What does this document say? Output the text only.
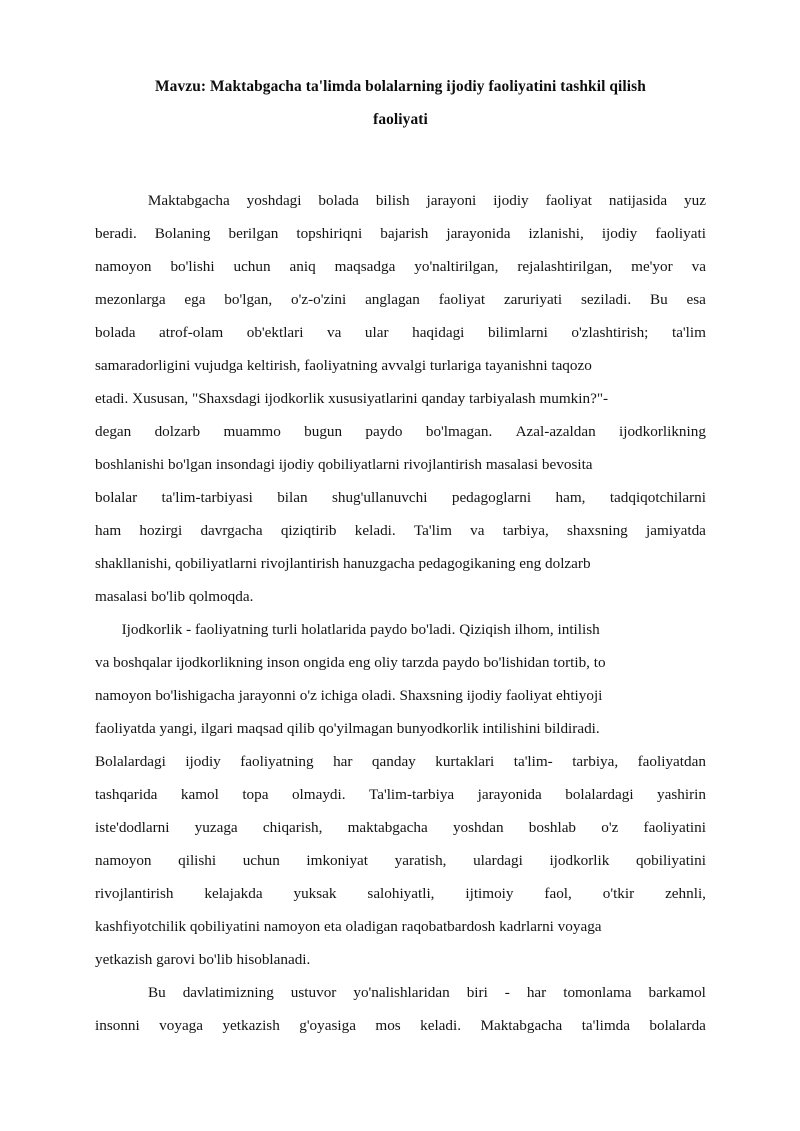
Mavzu: Maktabgacha ta'limda bolalarning ijodiy faoliyatini tashkil qilish
faoliyati

Maktabgacha yoshdagi bolada bilish jarayoni ijodiy faoliyat natijasida yuz
beradi. Bolaning berilgan topshiriqni bajarish jarayonida izlanishi, ijodiy faoliyati
namoyon bo'lishi uchun aniq maqsadga yo'naltirilgan, rejalashtirilgan, me'yor va
mezonlarga ega bo'lgan, o'z-o'zini anglagan faoliyat zaruriyati seziladi. Bu esa
bolada atrof-olam ob'ektlari va ular haqidagi bilimlarni o'zlashtirish; ta'lim
samaradorligini vujudga keltirish, faoliyatning avvalgi turlariga tayanishni taqozo
etadi. Xususan, "Shaxsdagi ijodkorlik xususiyatlarini qanday tarbiyalash mumkin?"-
degan dolzarb muammo bugun paydo bo'lmagan. Azal-azaldan ijodkorlikning
boshlanishi bo'lgan insondagi ijodiy qobiliyatlarni rivojlantirish masalasi bevosita
bolalar ta'lim-tarbiyasi bilan shug'ullanuvchi pedagoglarni ham, tadqiqotchilarni
ham hozirgi davrgacha qiziqtirib keladi. Ta'lim va tarbiya, shaxsning jamiyatda
shakllanishi, qobiliyatlarni rivojlantirish hanuzgacha pedagogikaning eng dolzarb
masalasi bo'lib qolmoqda.

Ijodkorlik - faoliyatning turli holatlarida paydo bo'ladi. Qiziqish ilhom, intilish
va boshqalar ijodkorlikning inson ongida eng oliy tarzda paydo bo'lishidan tortib, to
namoyon bo'lishigacha jarayonni o'z ichiga oladi. Shaxsning ijodiy faoliyat ehtiyoji
faoliyatda yangi, ilgari maqsad qilib qo'yilmagan bunyodkorlik intilishini bildiradi.
Bolalardagi ijodiy faoliyatning har qanday kurtaklari ta'lim- tarbiya, faoliyatdan
tashqarida kamol topa olmaydi. Ta'lim-tarbiya jarayonida bolalardagi yashirin
iste'dodlarni yuzaga chiqarish, maktabgacha yoshdan boshlab o'z faoliyatini
namoyon qilishi uchun imkoniyat yaratish, ulardagi ijodkorlik qobiliyatini
rivojlantirish kelajakda yuksak salohiyatli, ijtimoiy faol, o'tkir zehnli,
kashfiyotchilik qobiliyatini namoyon eta oladigan raqobatbardosh kadrlarni voyaga
yetkazish garovi bo'lib hisoblanadi.

Bu davlatimizning ustuvor yo'nalishlaridan biri - har tomonlama barkamol
insonni voyaga yetkazish g'oyasiga mos keladi. Maktabgacha ta'limda bolalarda
